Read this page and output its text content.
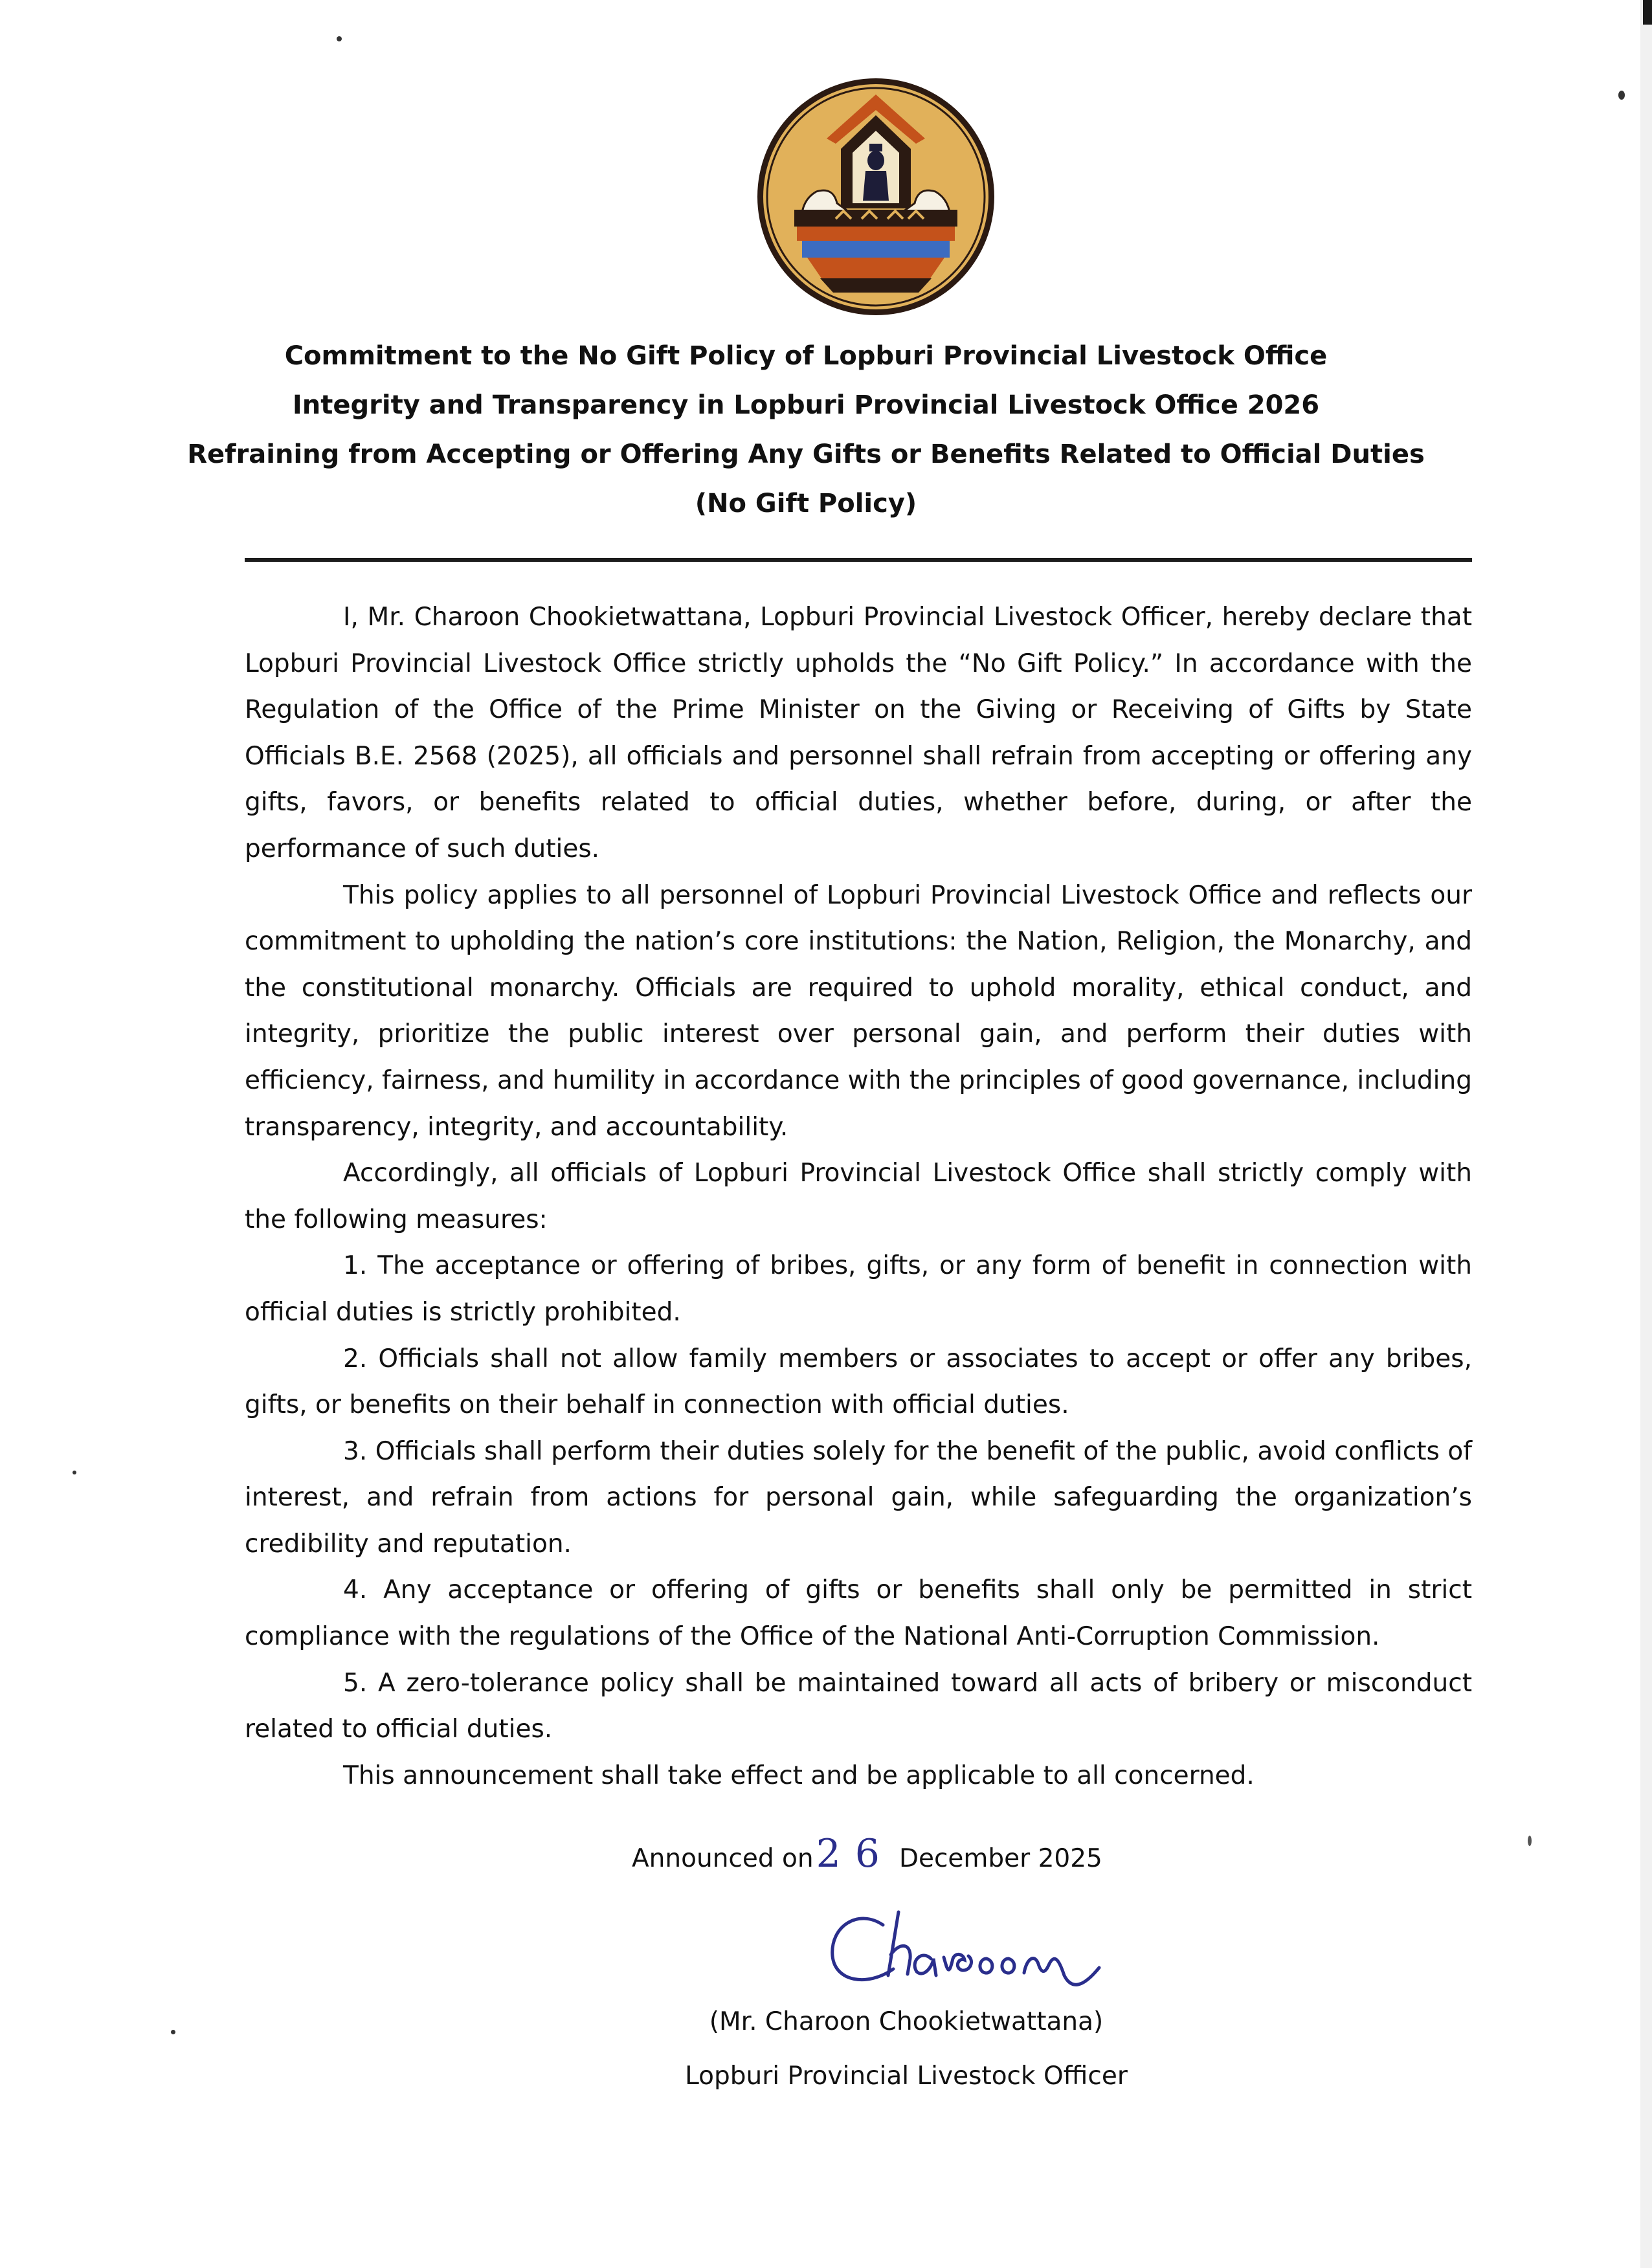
Commitment to the No Gift Policy of Lopburi Provincial Livestock Office
Integrity and Transparency in Lopburi Provincial Livestock Office 2026
Refraining from Accepting or Offering Any Gifts or Benefits Related to Official Duties
(No Gift Policy)

I, Mr. Charoon Chookietwattana, Lopburi Provincial Livestock Officer, hereby declare that Lopburi Provincial Livestock Office strictly upholds the “No Gift Policy.” In accordance with the Regulation of the Office of the Prime Minister on the Giving or Receiving of Gifts by State Officials B.E. 2568 (2025), all officials and personnel shall refrain from accepting or offering any gifts, favors, or benefits related to official duties, whether before, during, or after the performance of such duties.

This policy applies to all personnel of Lopburi Provincial Livestock Office and reflects our commitment to upholding the nation’s core institutions: the Nation, Religion, the Monarchy, and the constitutional monarchy. Officials are required to uphold morality, ethical conduct, and integrity, prioritize the public interest over personal gain, and perform their duties with efficiency, fairness, and humility in accordance with the principles of good governance, including transparency, integrity, and accountability.

Accordingly, all officials of Lopburi Provincial Livestock Office shall strictly comply with the following measures:

1. The acceptance or offering of bribes, gifts, or any form of benefit in connection with official duties is strictly prohibited.

2. Officials shall not allow family members or associates to accept or offer any bribes, gifts, or benefits on their behalf in connection with official duties.

3. Officials shall perform their duties solely for the benefit of the public, avoid conflicts of interest, and refrain from actions for personal gain, while safeguarding the organization’s credibility and reputation.

4. Any acceptance or offering of gifts or benefits shall only be permitted in strict compliance with the regulations of the Office of the National Anti-Corruption Commission.

5. A zero-tolerance policy shall be maintained toward all acts of bribery or misconduct related to official duties.

This announcement shall take effect and be applicable to all concerned.

Announced on26 December 2025
(Mr. Charoon Chookietwattana)
Lopburi Provincial Livestock Officer
